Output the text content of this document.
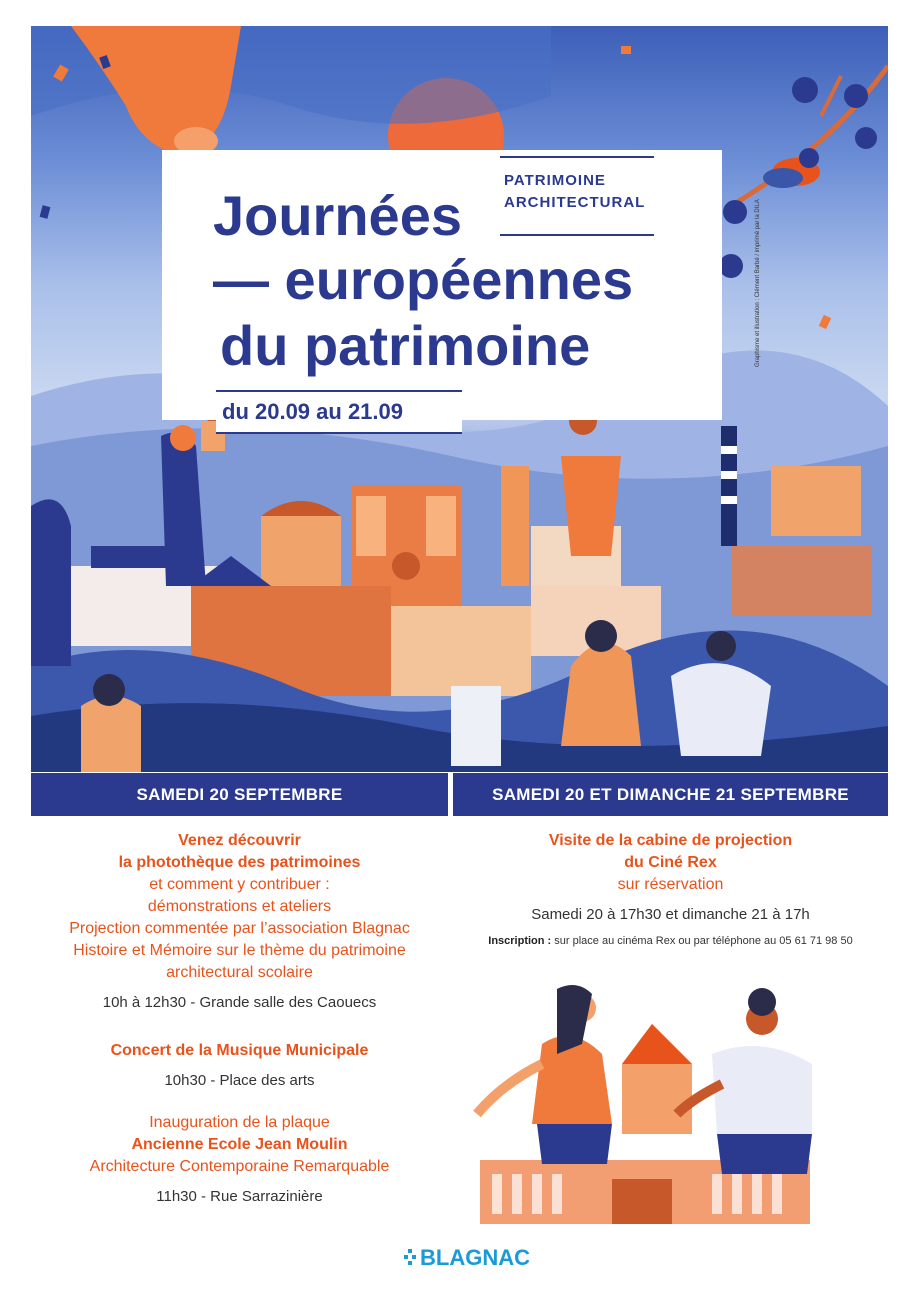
Graphisme et illustration : Clément Barbé / imprimé par la DILA
PATRIMOINE
ARCHITECTURAL
Journées
— européennes
du patrimoine
du 20.09 au 21.09
SAMEDI 20 SEPTEMBRE	SAMEDI 20 ET DIMANCHE 21 SEPTEMBRE
Venez découvrir
la photothèque des patrimoines
et comment y contribuer :
démonstrations et ateliers
Projection commentée par l’association Blagnac
Histoire et Mémoire sur le thème du patrimoine
architectural scolaire
10h à 12h30 - Grande salle des Caouecs
Concert de la Musique Municipale
10h30 - Place des arts
Inauguration de la plaque
Ancienne Ecole Jean Moulin
Architecture Contemporaine Remarquable
11h30 - Rue Sarrazinière
Visite de la cabine de projection
du Ciné Rex
sur réservation
Samedi 20 à 17h30 et dimanche 21 à 17h
Inscription : sur place au cinéma Rex ou par téléphone au 05 61 71 98 50
BLAGNAC
